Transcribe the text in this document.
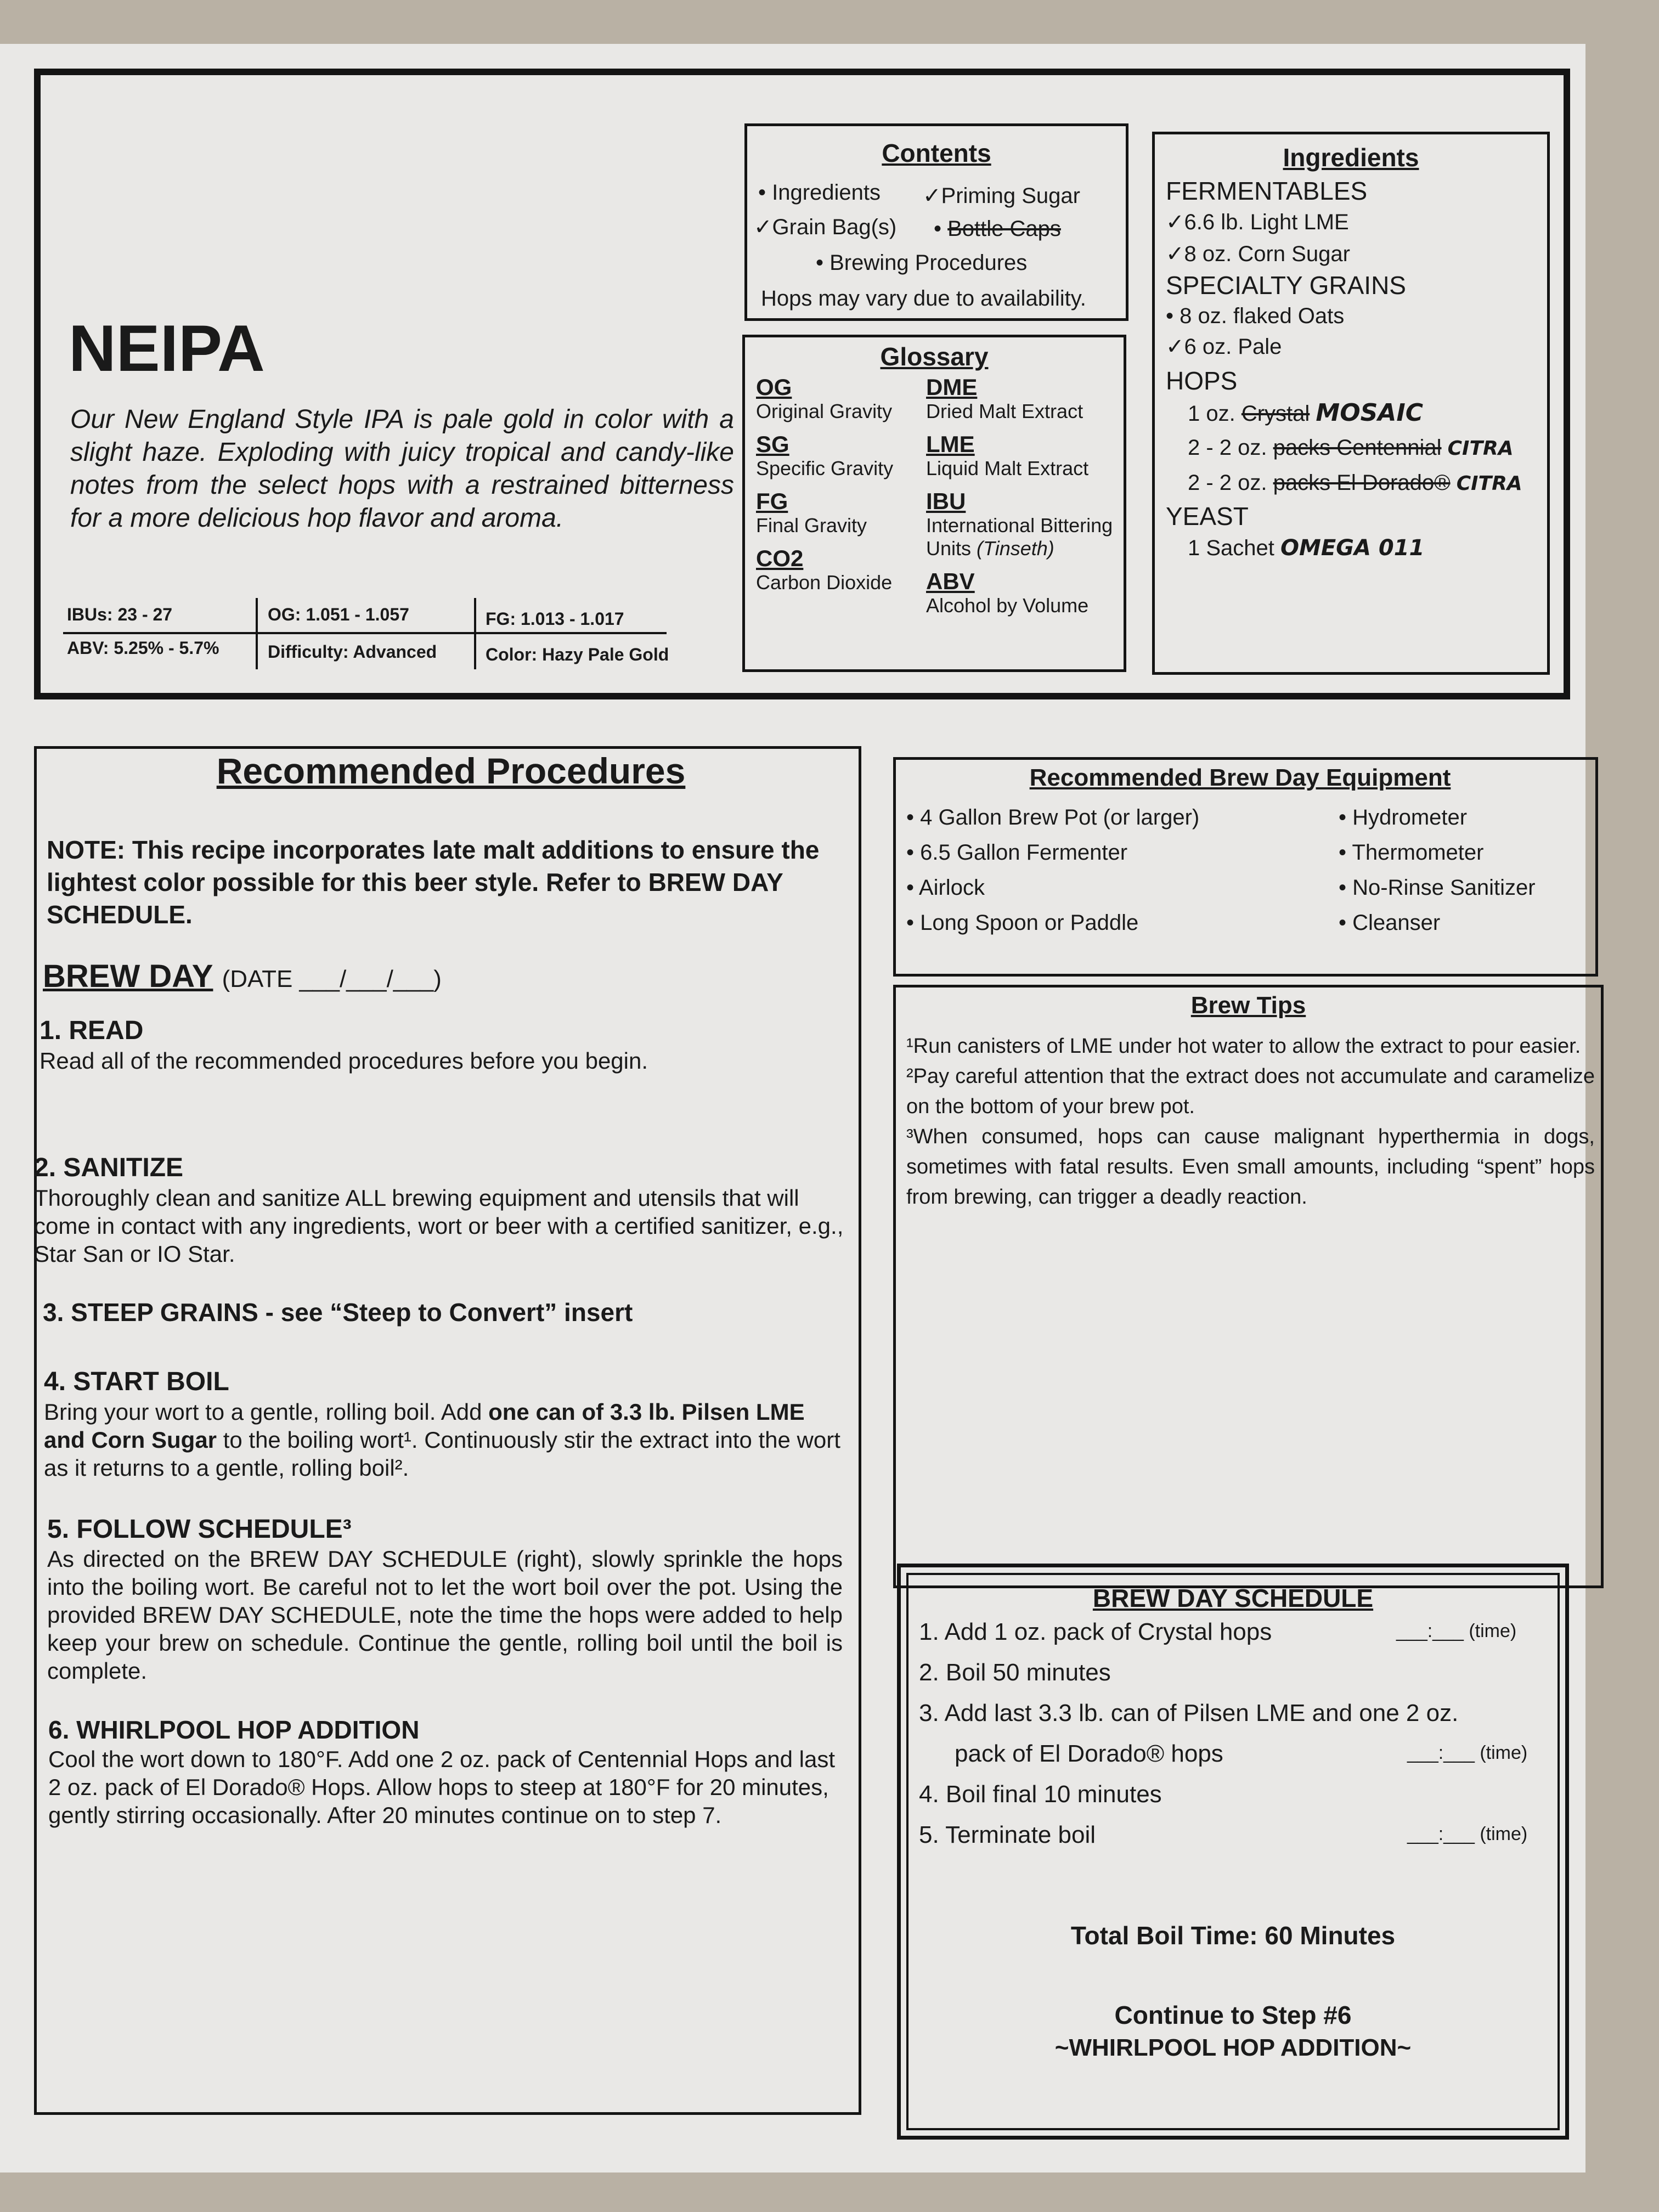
NEIPA
Our New England Style IPA is pale gold in color with a slight haze. Exploding with juicy tropical and candy-like notes from the select hops with a restrained bitterness for a more delicious hop flavor and aroma.
IBUs: 23 - 27	OG: 1.051 - 1.057	FG: 1.013 - 1.017
ABV: 5.25% - 5.7%	Difficulty: Advanced	Color: Hazy Pale Gold
Contents
• Ingredients ✓Priming Sugar
✓Grain Bag(s) • Bottle Caps
• Brewing Procedures
Hops may vary due to availability.
Glossary
OG
Original Gravity
SG
Specific Gravity
FG
Final Gravity
CO2
Carbon Dioxide
DME
Dried Malt Extract
LME
Liquid Malt Extract
IBU
International Bittering
Units (Tinseth)
ABV
Alcohol by Volume
Ingredients
FERMENTABLES
✓6.6 lb. Light LME
✓8 oz. Corn Sugar
SPECIALTY GRAINS
• 8 oz. flaked Oats
✓6 oz. Pale
HOPS
1 oz. Crystal MOSAIC
2 - 2 oz. packs Centennial CITRA
2 - 2 oz. packs El Dorado® CITRA
YEAST
1 Sachet OMEGA 011
Recommended Procedures
NOTE: This recipe incorporates late malt additions to ensure the lightest color possible for this beer style. Refer to BREW DAY SCHEDULE.
BREW DAY (DATE ___/___/___)
1. READ
Read all of the recommended procedures before you begin.
2. SANITIZE
Thoroughly clean and sanitize ALL brewing equipment and utensils that will come in contact with any ingredients, wort or beer with a certified sanitizer, e.g., Star San or IO Star.
3. STEEP GRAINS - see “Steep to Convert” insert
4. START BOIL
Bring your wort to a gentle, rolling boil. Add one can of 3.3 lb. Pilsen LME and Corn Sugar to the boiling wort¹. Continuously stir the extract into the wort as it returns to a gentle, rolling boil².
5. FOLLOW SCHEDULE³
As directed on the BREW DAY SCHEDULE (right), slowly sprinkle the hops into the boiling wort. Be careful not to let the wort boil over the pot. Using the provided BREW DAY SCHEDULE, note the time the hops were added to help keep your brew on schedule. Continue the gentle, rolling boil until the boil is complete.
6. WHIRLPOOL HOP ADDITION
Cool the wort down to 180°F. Add one 2 oz. pack of Centennial Hops and last 2 oz. pack of El Dorado® Hops. Allow hops to steep at 180°F for 20 minutes, gently stirring occasionally. After 20 minutes continue on to step 7.
Recommended Brew Day Equipment
• 4 Gallon Brew Pot (or larger)
• 6.5 Gallon Fermenter
• Airlock
• Long Spoon or Paddle
• Hydrometer
• Thermometer
• No-Rinse Sanitizer
• Cleanser
Brew Tips
¹Run canisters of LME under hot water to allow the extract to pour easier.
²Pay careful attention that the extract does not accumulate and caramelize on the bottom of your brew pot.
³When consumed, hops can cause malignant hyperthermia in dogs, sometimes with fatal results. Even small amounts, including “spent” hops from brewing, can trigger a deadly reaction.
BREW DAY SCHEDULE
1. Add 1 oz. pack of Crystal hops	___:___ (time)
2. Boil 50 minutes
3. Add last 3.3 lb. can of Pilsen LME and one 2 oz.
pack of El Dorado® hops	___:___ (time)
4. Boil final 10 minutes
5. Terminate boil	___:___ (time)
Total Boil Time: 60 Minutes
Continue to Step #6
~WHIRLPOOL HOP ADDITION~
